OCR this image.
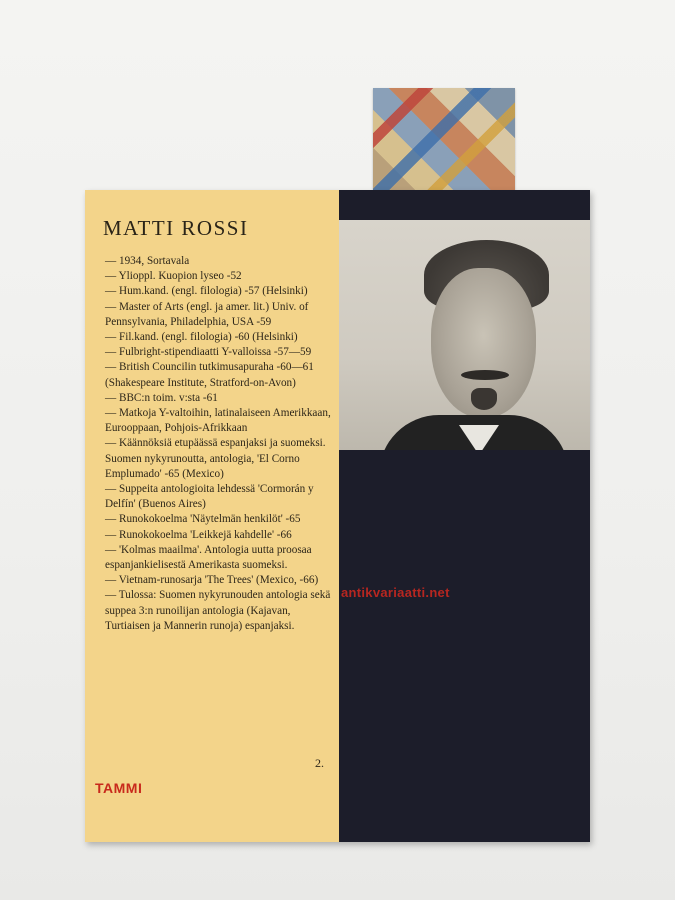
MATTI ROSSI
— 1934, Sortavala
— Ylioppl. Kuopion lyseo -52
— Hum.kand. (engl. filologia) -57 (Helsinki)
— Master of Arts (engl. ja amer. lit.) Univ. of Pennsylvania, Philadelphia, USA -59
— Fil.kand. (engl. filologia) -60 (Helsinki)
— Fulbright-stipendiaatti Y-valloissa -57—59
— British Councilin tutkimusapuraha -60—61 (Shakespeare Institute, Stratford-on-Avon)
— BBC:n toim. v:sta -61
— Matkoja Y-valtoihin, latinalaiseen Amerikkaan, Eurooppaan, Pohjois-Afrikkaan
— Käännöksiä etupäässä espanjaksi ja suomeksi. Suomen nykyrunoutta, antologia, 'El Corno Emplumado' -65 (Mexico)
— Suppeita antologioita lehdessä 'Cormorán y Delfín' (Buenos Aires)
— Runokokoelma 'Näytelmän henkilöt' -65
— Runokokoelma 'Leikkejä kahdelle' -66
— 'Kolmas maailma'. Antologia uutta proosaa espanjankielisestä Amerikasta suomeksi.
— Vietnam-runosarja 'The Trees' (Mexico, -66)
— Tulossa: Suomen nykyrunouden antologia sekä suppea 3:n runoilijan antologia (Kajavan, Turtiaisen ja Mannerin runoja) espanjaksi.
2.
TAMMI
antikvariaatti.net
